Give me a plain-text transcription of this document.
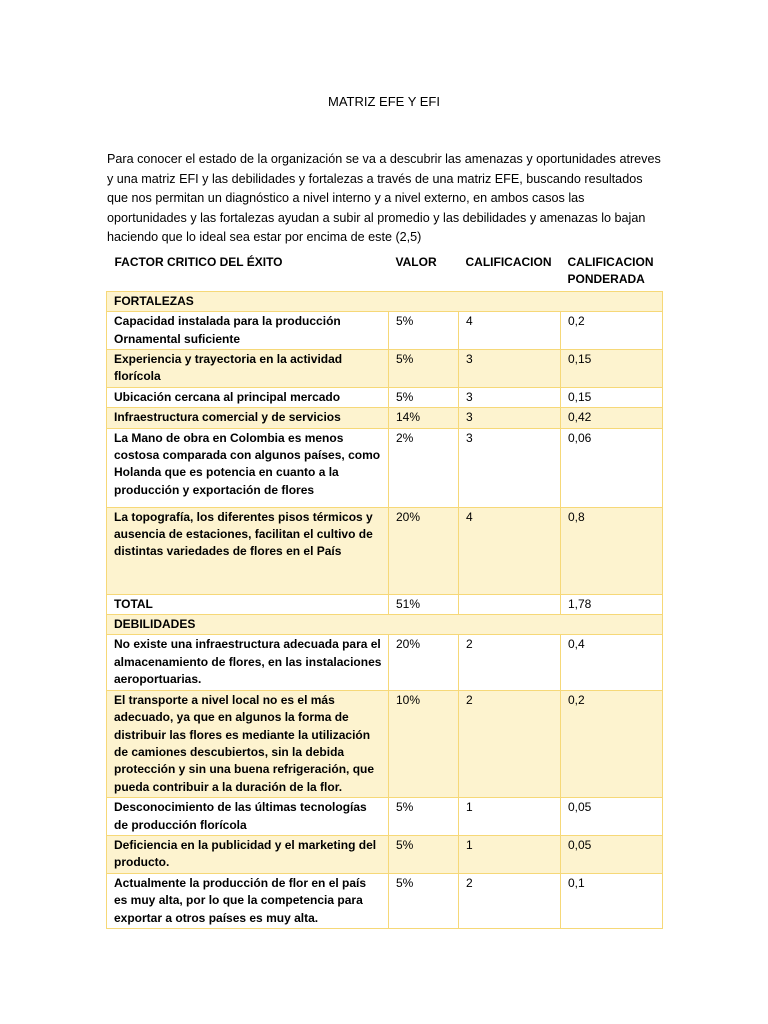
MATRIZ EFE Y EFI

Para conocer el estado de la organización se va a descubrir las amenazas y oportunidades atreves y una matriz EFI y las debilidades y fortalezas a través de una matriz EFE, buscando resultados que nos permitan un diagnóstico a nivel interno y a nivel externo, en ambos casos las oportunidades y las fortalezas ayudan a subir al promedio y las debilidades y amenazas lo bajan haciendo que lo ideal sea estar por encima de este (2,5)

FACTOR CRITICO DEL ÉXITO	VALOR	CALIFICACION	CALIFICACION PONDERADA
FORTALEZAS			
Capacidad instalada para la producción Ornamental suficiente	5%	4	0,2
Experiencia y trayectoria en la actividad florícola	5%	3	0,15
Ubicación cercana al principal mercado	5%	3	0,15
Infraestructura comercial y de servicios	14%	3	0,42
La Mano de obra en Colombia es menos costosa comparada con algunos países, como Holanda que es potencia en cuanto a la producción y exportación de flores	2%	3	0,06
La topografía, los diferentes pisos térmicos y ausencia de estaciones, facilitan el cultivo de distintas variedades de flores en el País	20%	4	0,8
TOTAL	51%		1,78
DEBILIDADES			
No existe una infraestructura adecuada para el almacenamiento de flores, en las instalaciones aeroportuarias.	20%	2	0,4
El transporte a nivel local no es el más adecuado, ya que en algunos la forma de distribuir las flores es mediante la utilización de camiones descubiertos, sin la debida protección y sin una buena refrigeración, que pueda contribuir a la duración de la flor.	10%	2	0,2
Desconocimiento de las últimas tecnologías de producción florícola	5%	1	0,05
Deficiencia en la publicidad y el marketing del producto.	5%	1	0,05
Actualmente la producción de flor en el país es muy alta, por lo que la competencia para exportar a otros países es muy alta.	5%	2	0,1
